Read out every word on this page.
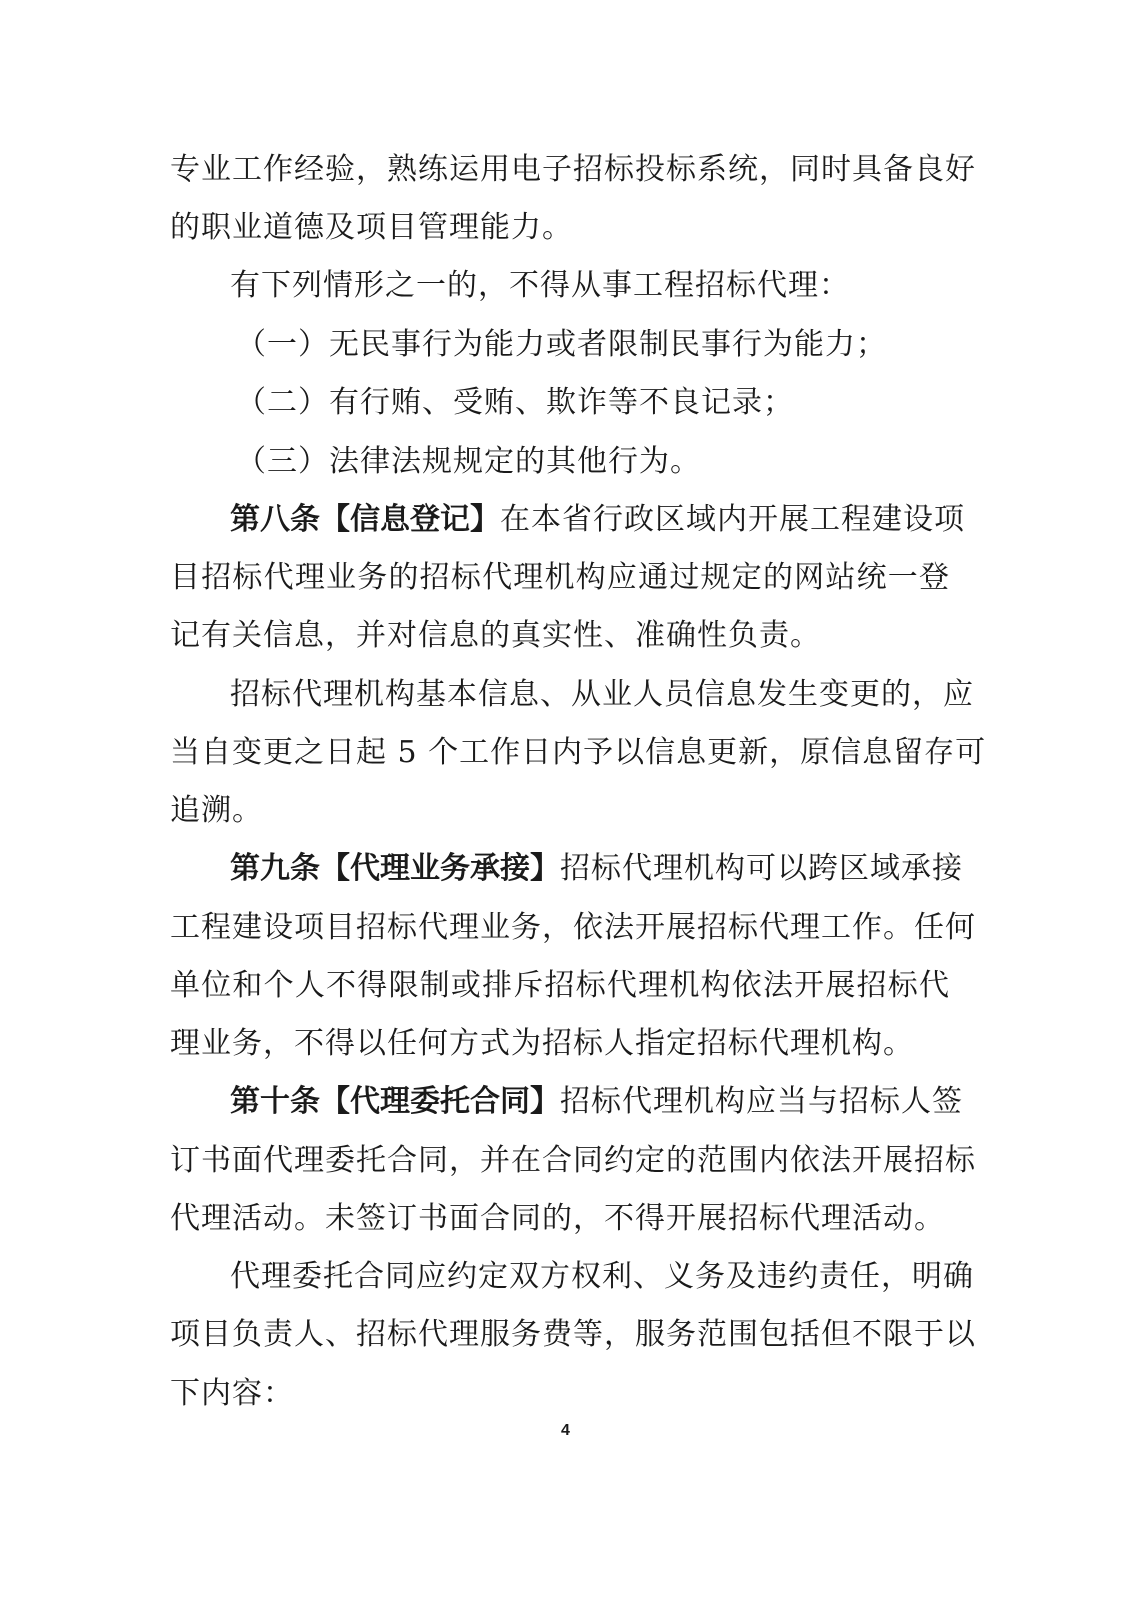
专业工作经验，熟练运用电子招标投标系统，同时具备良好
的职业道德及项目管理能力。
有下列情形之一的，不得从事工程招标代理：
（一）无民事行为能力或者限制民事行为能力；
（二）有行贿、受贿、欺诈等不良记录；
（三）法律法规规定的其他行为。
第八条【信息登记】在本省行政区域内开展工程建设项
目招标代理业务的招标代理机构应通过规定的网站统一登
记有关信息，并对信息的真实性、准确性负责。
招标代理机构基本信息、从业人员信息发生变更的，应
当自变更之日起 5 个工作日内予以信息更新，原信息留存可
追溯。
第九条【代理业务承接】招标代理机构可以跨区域承接
工程建设项目招标代理业务，依法开展招标代理工作。任何
单位和个人不得限制或排斥招标代理机构依法开展招标代
理业务，不得以任何方式为招标人指定招标代理机构。
第十条【代理委托合同】招标代理机构应当与招标人签
订书面代理委托合同，并在合同约定的范围内依法开展招标
代理活动。未签订书面合同的，不得开展招标代理活动。
代理委托合同应约定双方权利、义务及违约责任，明确
项目负责人、招标代理服务费等，服务范围包括但不限于以
下内容：
4
